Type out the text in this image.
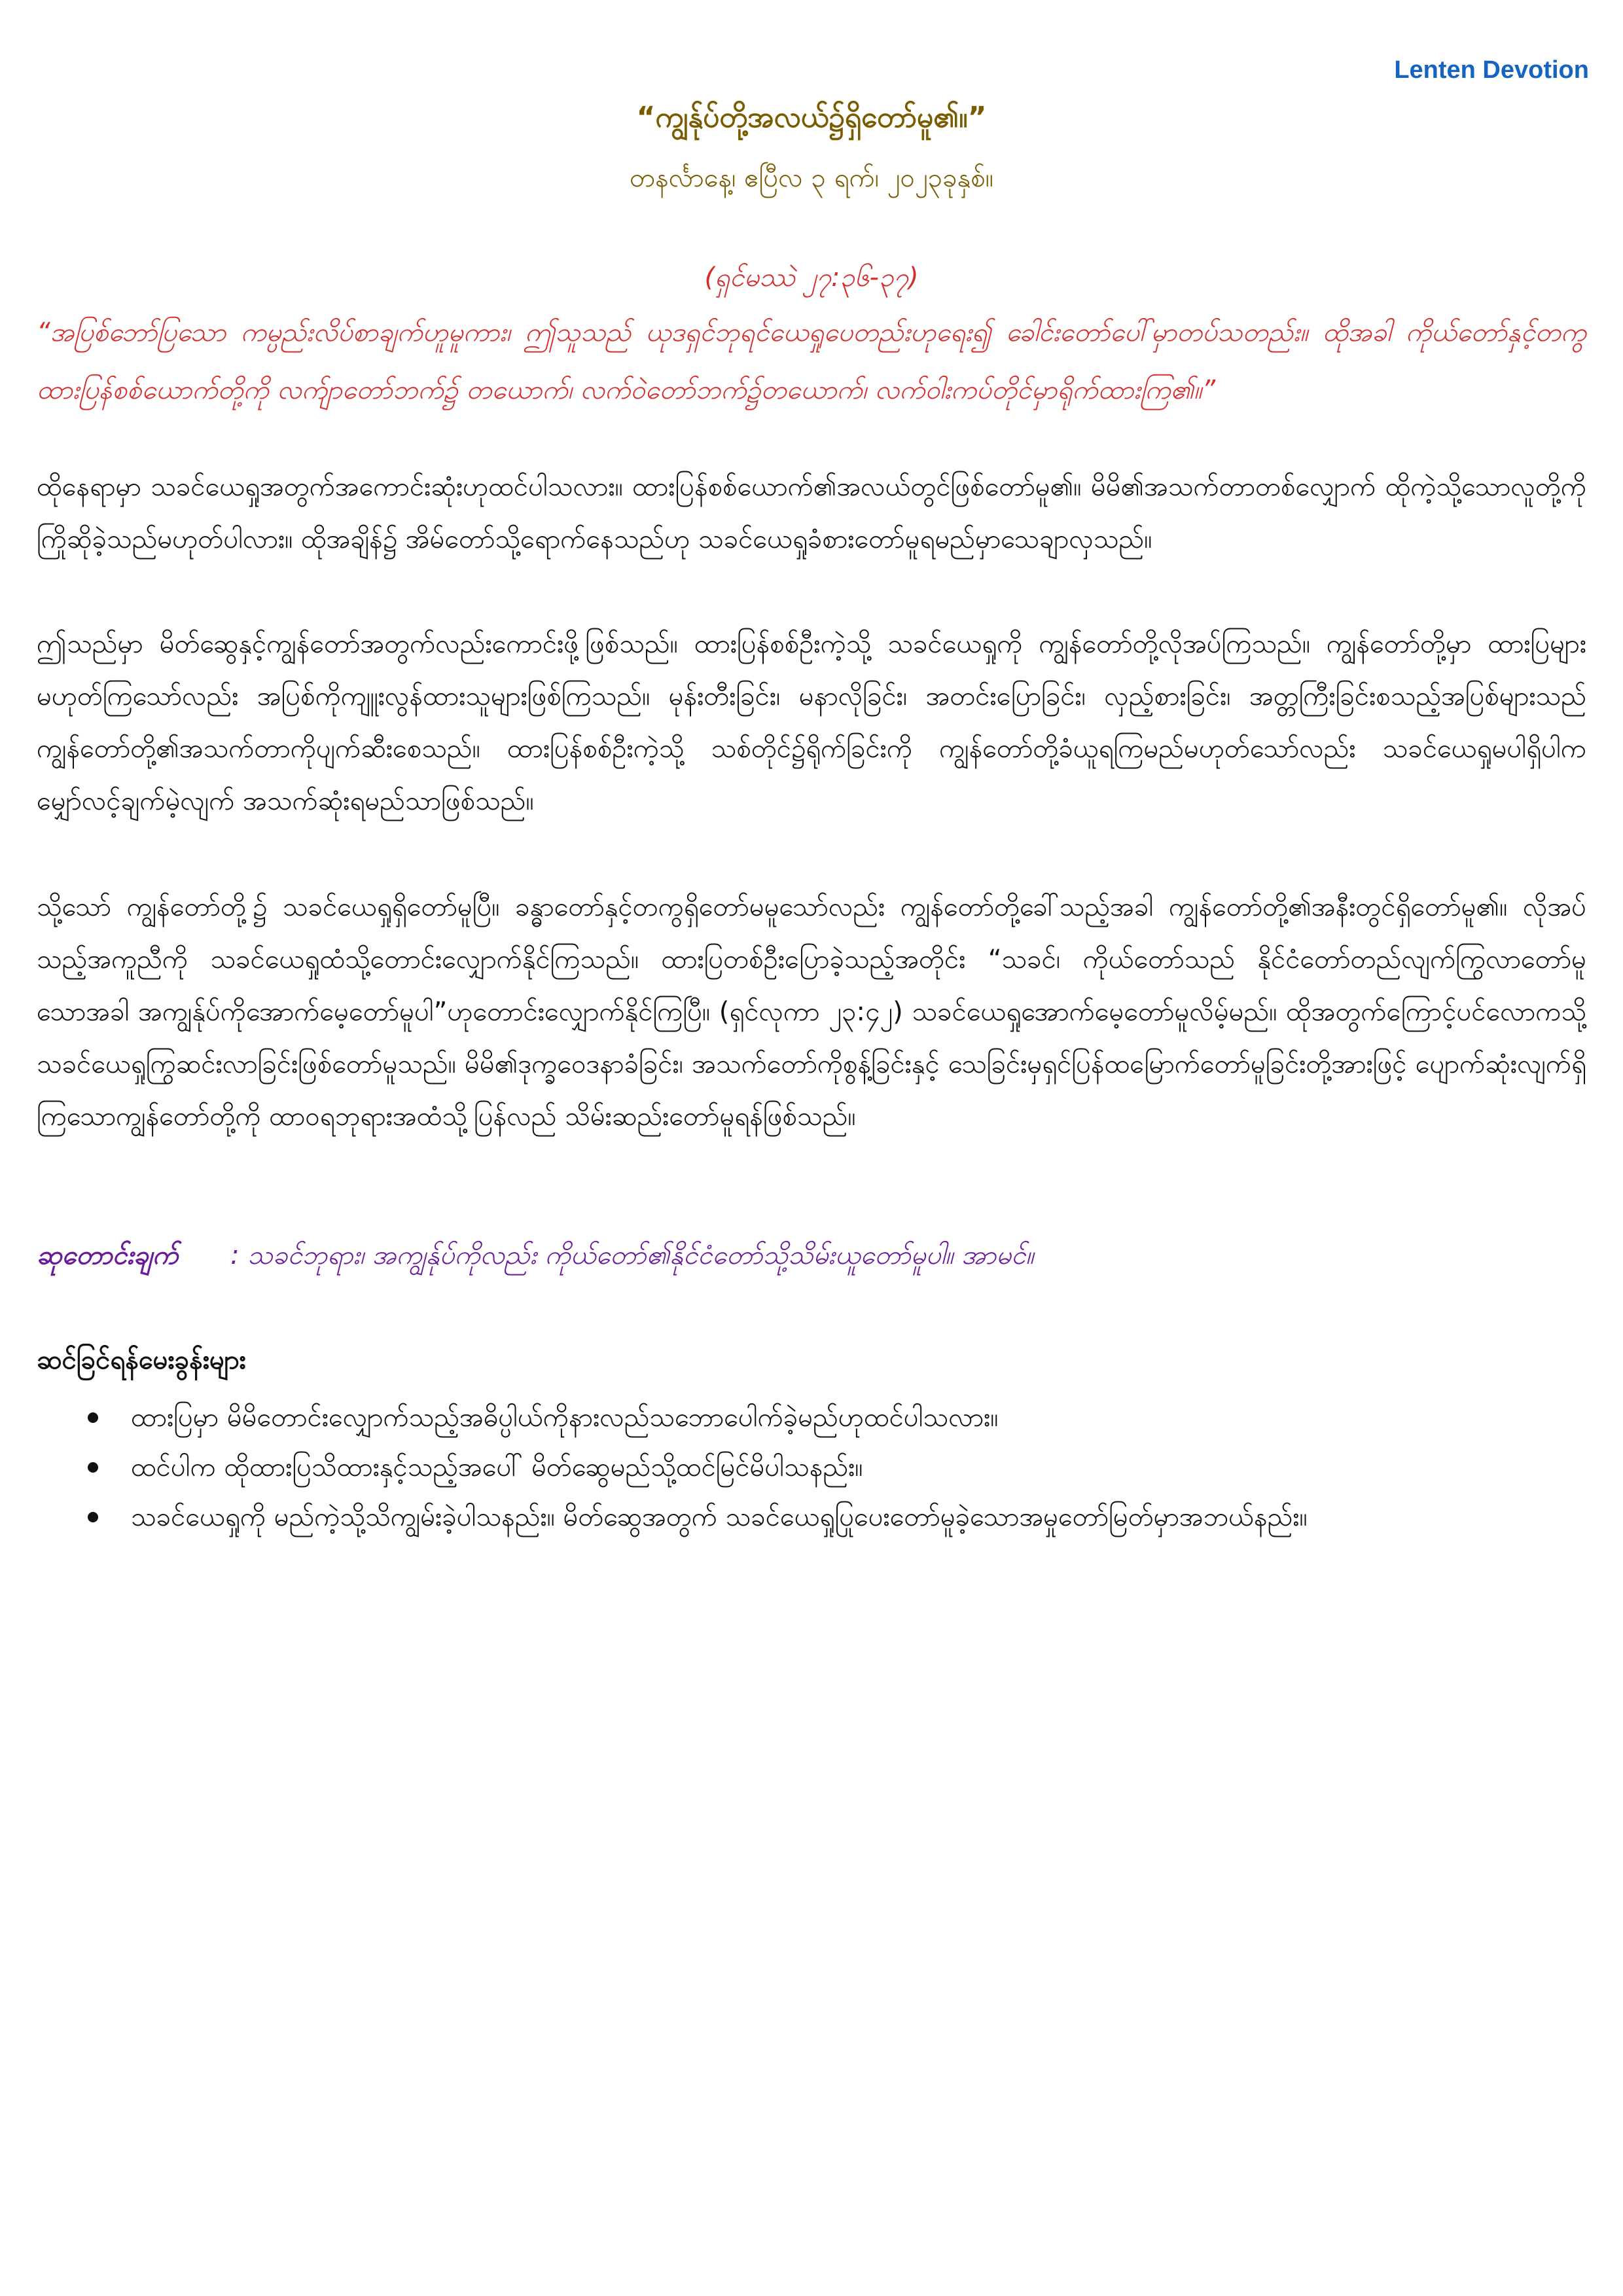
Lenten Devotion
“ကျွန်ုပ်တို့အလယ်၌ရှိတော်မူ၏။”
တနင်္လာနေ့၊ ဧပြီလ ၃ ရက်၊ ၂၀၂၃ခုနှစ်။
(ရှင်မဿဲ ၂၇:၃၆-၃၇)
“အပြစ်ဘော်ပြသော ကမ္ပည်းလိပ်စာချက်ဟူမူကား၊ ဤသူသည် ယုဒရှင်ဘုရင်ယေရှုပေတည်းဟုရေး၍ ခေါင်းတော်ပေါ်မှာတပ်သတည်း။ ထိုအခါ ကိုယ်တော်နှင့်တကွ ထားပြန်စစ်ယောက်တို့ကို လက်ျာတော်ဘက်၌ တယောက်၊ လက်ဝဲတော်ဘက်၌တယောက်၊ လက်ဝါးကပ်တိုင်မှာရိုက်ထားကြ၏။”
ထိုနေရာမှာ သခင်ယေရှုအတွက်အကောင်းဆုံးဟုထင်ပါသလား။ ထားပြန်စစ်ယောက်၏အလယ်တွင်ဖြစ်တော်မူ၏။ မိမိ၏အသက်တာတစ်လျှောက် ထိုကဲ့သို့သောလူတို့ကို ကြိုဆိုခဲ့သည်မဟုတ်ပါလား။ ထိုအချိန်၌ အိမ်တော်သို့ရောက်နေသည်ဟု သခင်ယေရှုခံစားတော်မူရမည်မှာသေချာလှသည်။
ဤသည်မှာ မိတ်ဆွေနှင့်ကျွန်တော်အတွက်လည်းကောင်းဖို့ဖြစ်သည်။ ထားပြန်စစ်ဦးကဲ့သို့ သခင်ယေရှုကို ကျွန်တော်တို့လိုအပ်ကြသည်။ ကျွန်တော်တို့မှာ ထားပြများမဟုတ်ကြသော်လည်း အပြစ်ကိုကျူးလွန်ထားသူများဖြစ်ကြသည်။ မုန်းတီးခြင်း၊ မနာလိုခြင်း၊ အတင်းပြောခြင်း၊ လှည့်စားခြင်း၊ အတ္တကြီးခြင်းစသည့်အပြစ်များသည် ကျွန်တော်တို့၏အသက်တာကိုပျက်ဆီးစေသည်။ ထားပြန်စစ်ဦးကဲ့သို့ သစ်တိုင်၌ရိုက်ခြင်းကို ကျွန်တော်တို့ခံယူရကြမည်မဟုတ်သော်လည်း သခင်ယေရှုမပါရှိပါက မျှော်လင့်ချက်မဲ့လျက် အသက်ဆုံးရမည်သာဖြစ်သည်။
သို့သော် ကျွန်တော်တို့၌ သခင်ယေရှုရှိတော်မူပြီ။ ခန္ဓာတော်နှင့်တကွရှိတော်မမူသော်လည်း ကျွန်တော်တို့ခေါ်သည့်အခါ ကျွန်တော်တို့၏အနီးတွင်ရှိတော်မူ၏။ လိုအပ်သည့်အကူညီကို သခင်ယေရှုထံသို့တောင်းလျှောက်နိုင်ကြသည်။ ထားပြတစ်ဦးပြောခဲ့သည့်အတိုင်း “သခင်၊ ကိုယ်တော်သည် နိုင်ငံတော်တည်လျက်ကြွလာတော်မူသောအခါ အကျွန်ုပ်ကိုအောက်မေ့တော်မူပါ”ဟုတောင်းလျှောက်နိုင်ကြပြီ။ (ရှင်လုကာ ၂၃:၄၂) သခင်ယေရှုအောက်မေ့တော်မူလိမ့်မည်။ ထိုအတွက်ကြောင့်ပင်လောကသို့ သခင်ယေရှုကြွဆင်းလာခြင်းဖြစ်တော်မူသည်။ မိမိ၏ဒုက္ခဝေဒနာခံခြင်း၊ အသက်တော်ကိုစွန့်ခြင်းနှင့် သေခြင်းမှရှင်ပြန်ထမြောက်တော်မူခြင်းတို့အားဖြင့် ပျောက်ဆုံးလျက်ရှိကြသောကျွန်တော်တို့ကို ထာဝရဘုရားအထံသို့ပြန်လည် သိမ်းဆည်းတော်မူရန်ဖြစ်သည်။
ဆုတောင်းချက် : သခင်ဘုရား၊ အကျွန်ုပ်ကိုလည်း ကိုယ်တော်၏နိုင်ငံတော်သို့သိမ်းယူတော်မူပါ။ အာမင်။
ဆင်ခြင်ရန်မေးခွန်းများ
ထားပြမှာ မိမိတောင်းလျှောက်သည့်အဓိပ္ပါယ်ကိုနားလည်သဘောပေါက်ခဲ့မည်ဟုထင်ပါသလား။
ထင်ပါက ထိုထားပြသိထားနှင့်သည့်အပေါ် မိတ်ဆွေမည်သို့ထင်မြင်မိပါသနည်း။
သခင်ယေရှုကို မည်ကဲ့သို့သိကျွမ်းခဲ့ပါသနည်း။ မိတ်ဆွေအတွက် သခင်ယေရှုပြုပေးတော်မူခဲ့သောအမှုတော်မြတ်မှာအဘယ်နည်း။
